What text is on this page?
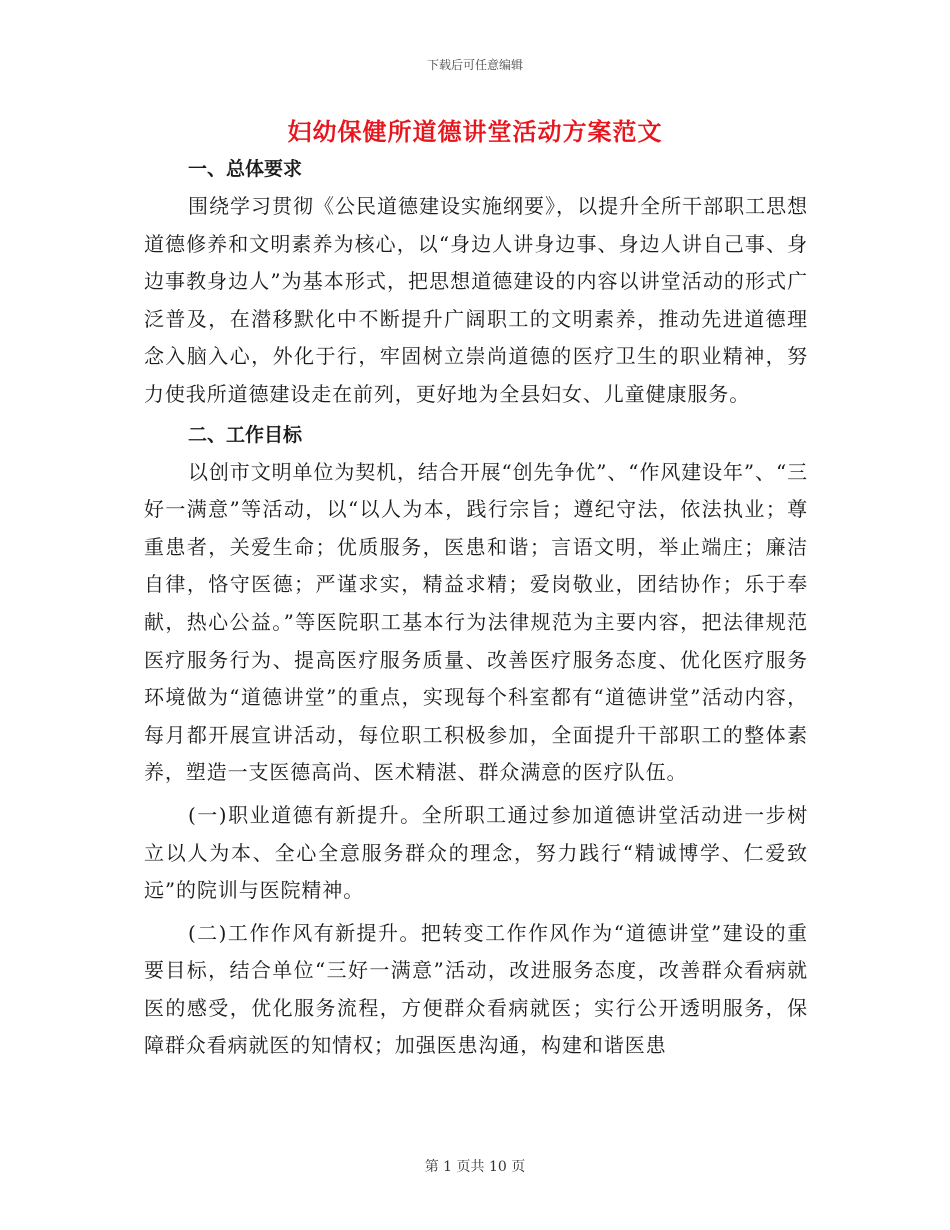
下载后可任意编辑
妇幼保健所道德讲堂活动方案范文
一、总体要求

围绕学习贯彻《公民道德建设实施纲要》，以提升全所干部职工思想道德修养和文明素养为核心，以“身边人讲身边事、身边人讲自己事、身边事教身边人”为基本形式，把思想道德建设的内容以讲堂活动的形式广泛普及，在潜移默化中不断提升广阔职工的文明素养，推动先进道德理念入脑入心，外化于行，牢固树立崇尚道德的医疗卫生的职业精神，努力使我所道德建设走在前列，更好地为全县妇女、儿童健康服务。

二、工作目标

以创市文明单位为契机，结合开展“创先争优”、“作风建设年”、“三好一满意”等活动，以“以人为本，践行宗旨；遵纪守法，依法执业；尊重患者，关爱生命；优质服务，医患和谐；言语文明，举止端庄；廉洁自律，恪守医德；严谨求实，精益求精；爱岗敬业，团结协作；乐于奉献，热心公益。”等医院职工基本行为法律规范为主要内容，把法律规范医疗服务行为、提高医疗服务质量、改善医疗服务态度、优化医疗服务环境做为“道德讲堂”的重点，实现每个科室都有“道德讲堂”活动内容，每月都开展宣讲活动，每位职工积极参加，全面提升干部职工的整体素养，塑造一支医德高尚、医术精湛、群众满意的医疗队伍。

(一)职业道德有新提升。全所职工通过参加道德讲堂活动进一步树立以人为本、全心全意服务群众的理念，努力践行“精诚博学、仁爱致远”的院训与医院精神。

(二)工作作风有新提升。把转变工作作风作为“道德讲堂”建设的重要目标，结合单位“三好一满意”活动，改进服务态度，改善群众看病就医的感受，优化服务流程，方便群众看病就医；实行公开透明服务，保障群众看病就医的知情权；加强医患沟通，构建和谐医患

第 1 页共 10 页
